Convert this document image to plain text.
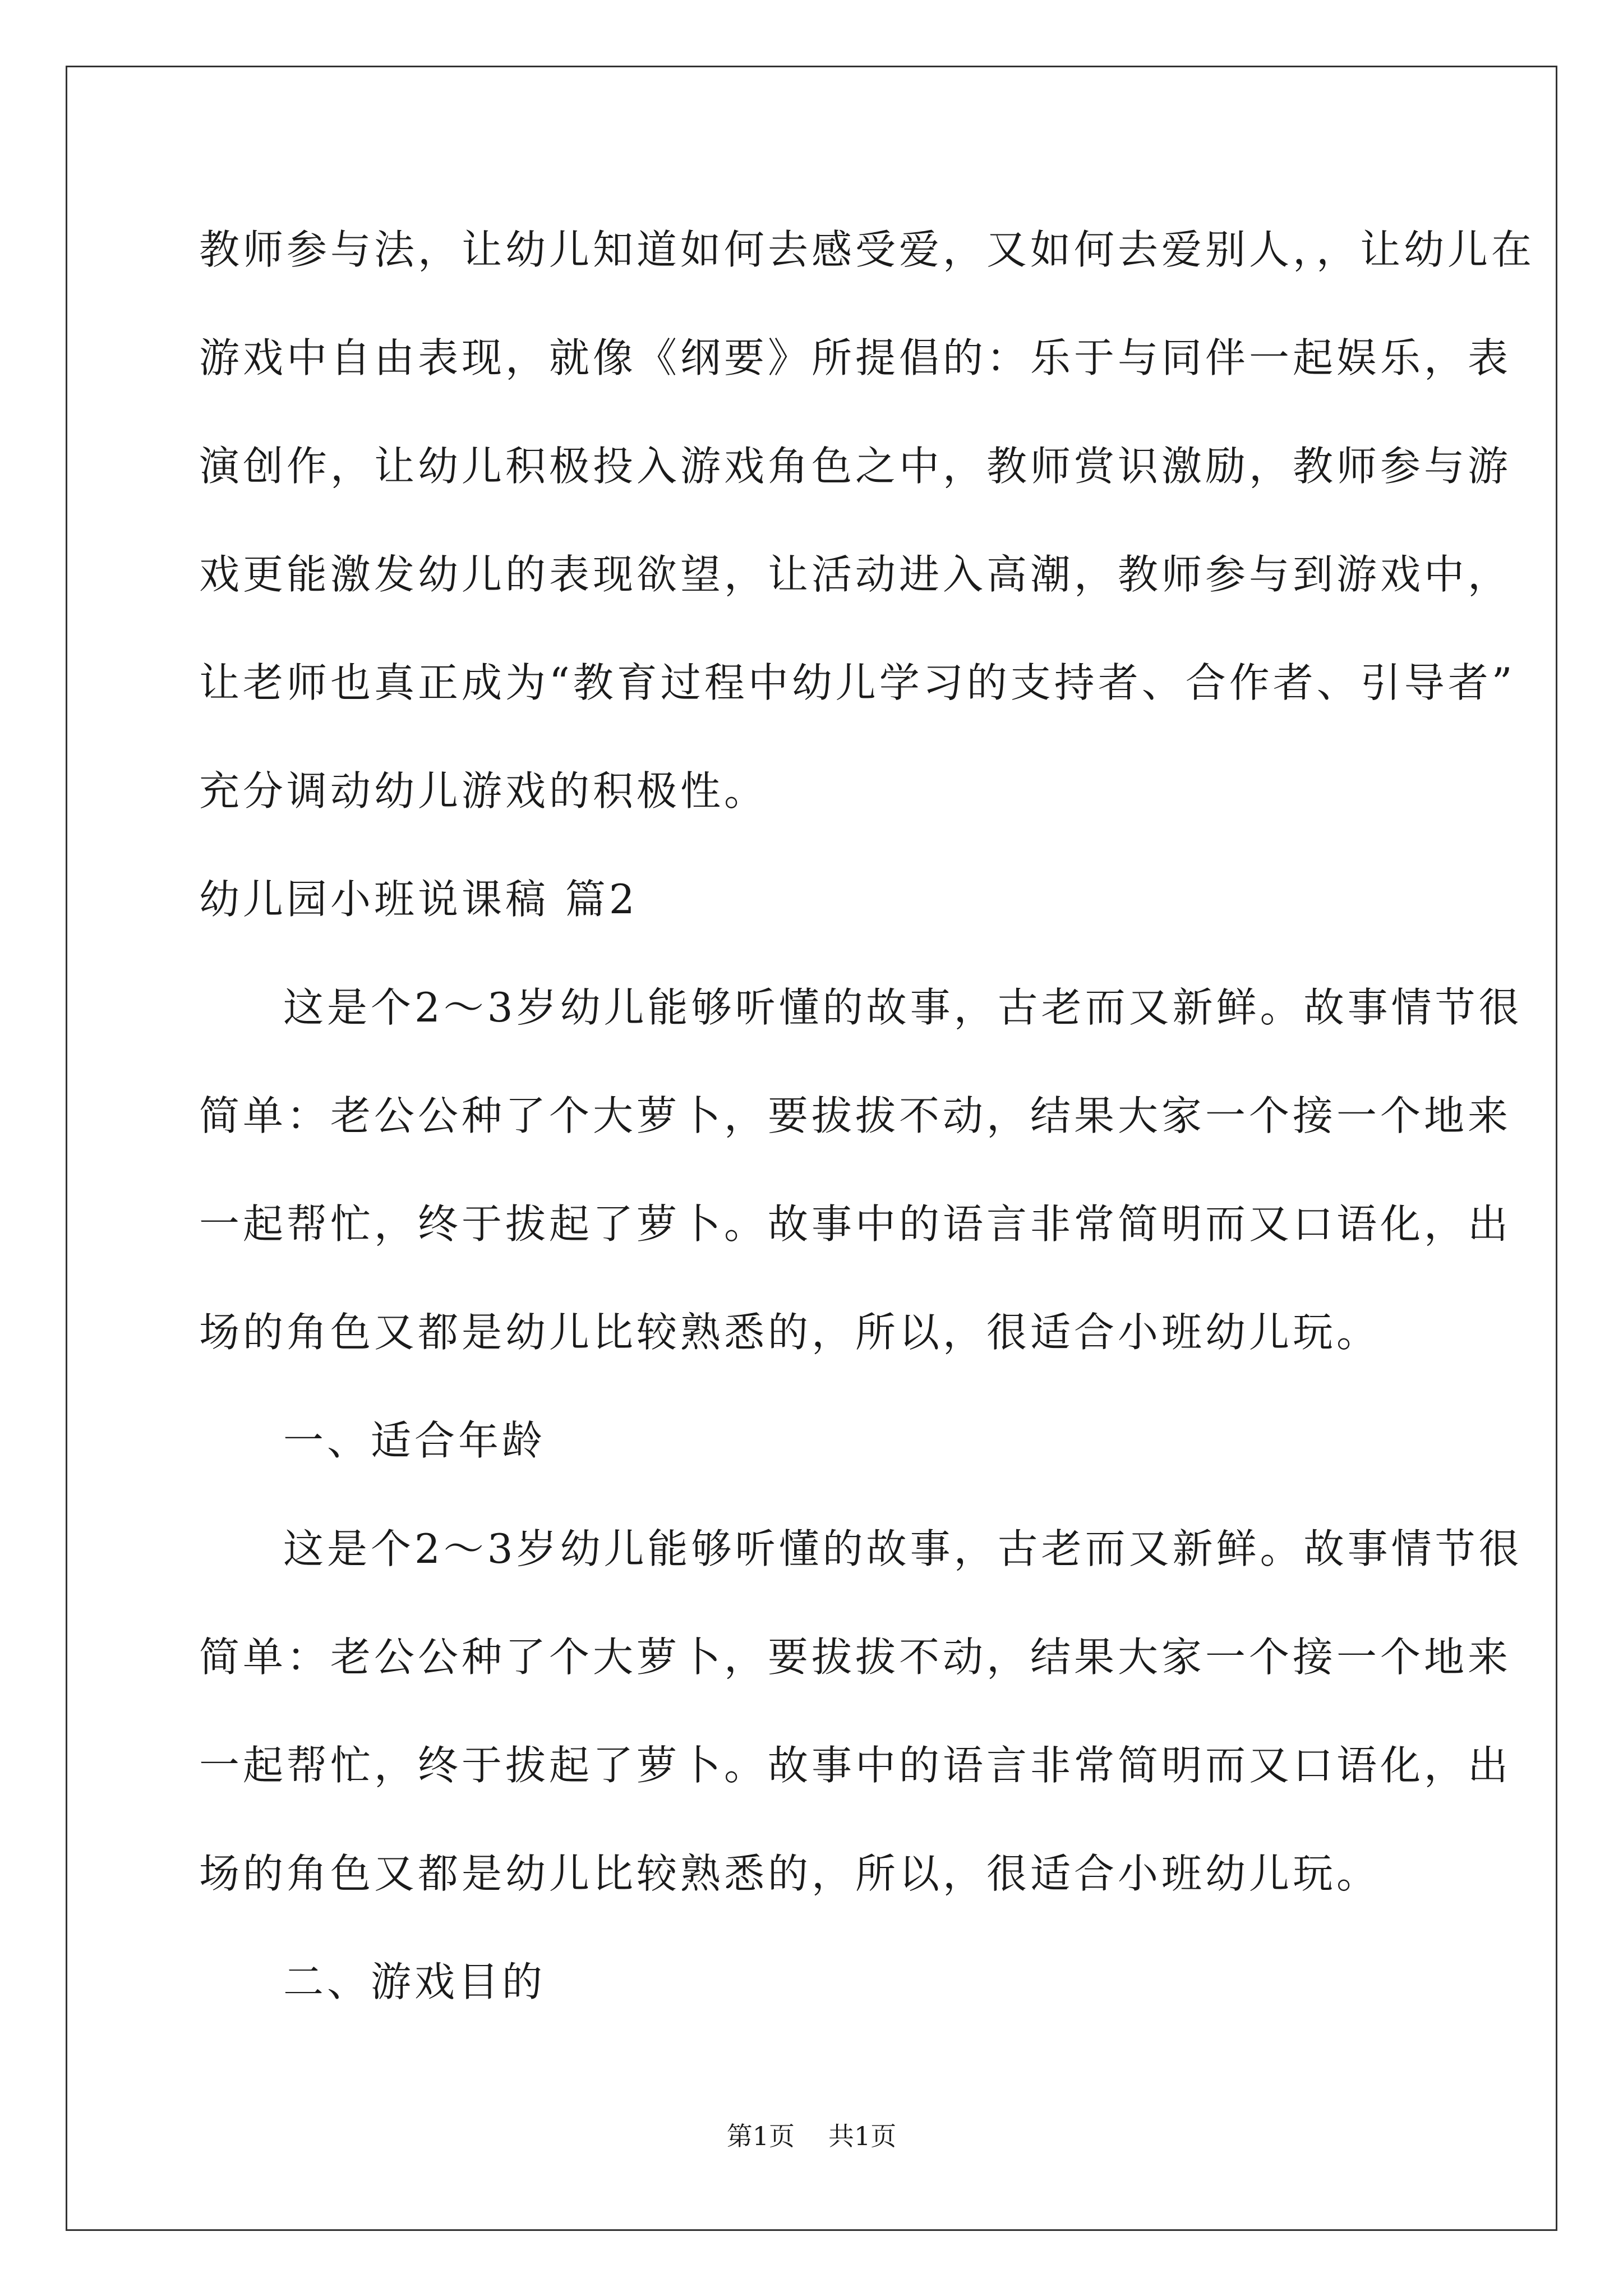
教师参与法，让幼儿知道如何去感受爱，又如何去爱别人，，让幼儿在
游戏中自由表现，就像《纲要》所提倡的：乐于与同伴一起娱乐，表
演创作，让幼儿积极投入游戏角色之中，教师赏识激励，教师参与游
戏更能激发幼儿的表现欲望，让活动进入高潮，教师参与到游戏中，
让老师也真正成为“教育过程中幼儿学习的支持者、合作者、引导者”
充分调动幼儿游戏的积极性。
幼儿园小班说课稿 篇2
这是个2～3岁幼儿能够听懂的故事，古老而又新鲜。故事情节很
简单：老公公种了个大萝卜，要拔拔不动，结果大家一个接一个地来
一起帮忙，终于拔起了萝卜。故事中的语言非常简明而又口语化，出
场的角色又都是幼儿比较熟悉的，所以，很适合小班幼儿玩。
一、适合年龄
这是个2～3岁幼儿能够听懂的故事，古老而又新鲜。故事情节很
简单：老公公种了个大萝卜，要拔拔不动，结果大家一个接一个地来
一起帮忙，终于拔起了萝卜。故事中的语言非常简明而又口语化，出
场的角色又都是幼儿比较熟悉的，所以，很适合小班幼儿玩。
二、游戏目的
第1页 共1页
